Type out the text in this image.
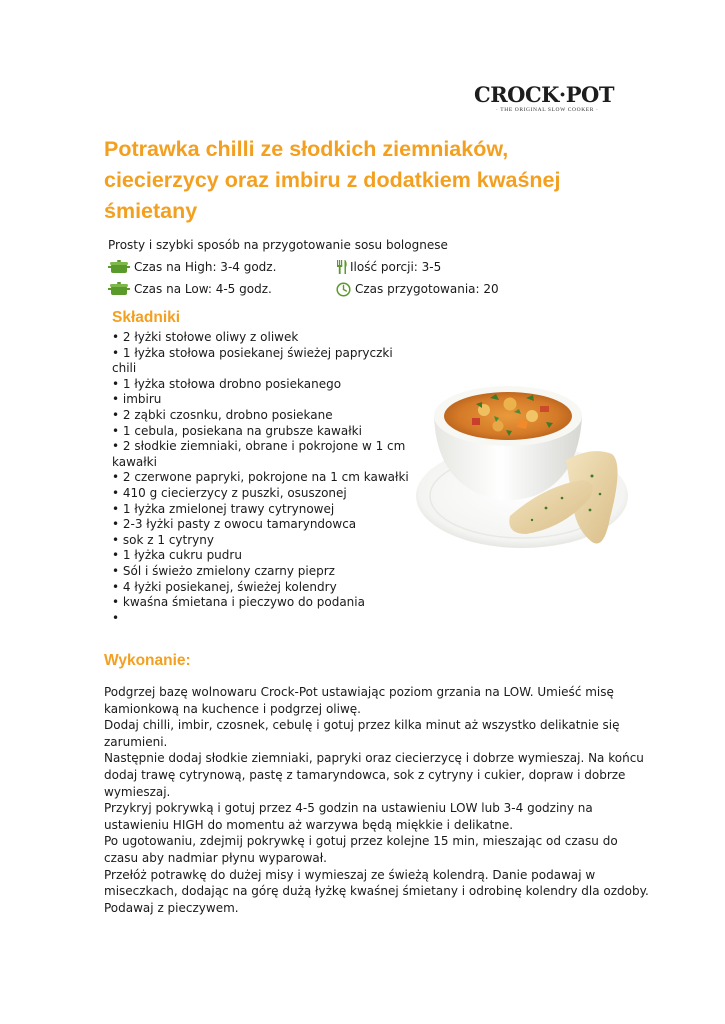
CROCK·POT
· THE ORIGINAL SLOW COOKER ·
Potrawka chilli ze słodkich ziemniaków, ciecierzycy oraz imbiru z dodatkiem kwaśnej śmietany
Prosty i szybki sposób na przygotowanie sosu bolognese
Czas na High: 3-4 godz.
Czas na Low: 4-5 godz.
Ilość porcji: 3-5
Czas przygotowania: 20
Składniki
• 2 łyżki stołowe oliwy z oliwek
• 1 łyżka stołowa posiekanej świeżej papryczki chili
• 1 łyżka stołowa drobno posiekanego
• imbiru
• 2 ząbki czosnku, drobno posiekane
• 1 cebula, posiekana na grubsze kawałki
• 2 słodkie ziemniaki, obrane i pokrojone w 1 cm kawałki
• 2 czerwone papryki, pokrojone na 1 cm kawałki
• 410 g ciecierzycy z puszki, osuszonej
• 1 łyżka zmielonej trawy cytrynowej
• 2-3 łyżki pasty z owocu tamaryndowca
• sok z 1 cytryny
• 1 łyżka cukru pudru
• Sól i świeżo zmielony czarny pieprz
• 4 łyżki posiekanej, świeżej kolendry
• kwaśna śmietana i pieczywo do podania
•
Wykonanie:

Podgrzej bazę wolnowaru Crock-Pot ustawiając poziom grzania na LOW. Umieść misę kamionkową na kuchence i podgrzej oliwę.

Dodaj chilli, imbir, czosnek, cebulę i gotuj przez kilka minut aż wszystko delikatnie się zarumieni.

Następnie dodaj słodkie ziemniaki, papryki oraz ciecierzycę i dobrze wymieszaj. Na końcu dodaj trawę cytrynową, pastę z tamaryndowca, sok z cytryny i cukier, dopraw i dobrze wymieszaj.

Przykryj pokrywką i gotuj przez 4-5 godzin na ustawieniu LOW lub 3-4 godziny na ustawieniu HIGH do momentu aż warzywa będą miękkie i delikatne.

Po ugotowaniu, zdejmij pokrywkę i gotuj przez kolejne 15 min, mieszając od czasu do czasu aby nadmiar płynu wyparował.

Przełóż potrawkę do dużej misy i wymieszaj ze świeżą kolendrą. Danie podawaj w miseczkach, dodając na górę dużą łyżkę kwaśnej śmietany i odrobinę kolendry dla ozdoby. Podawaj z pieczywem.
